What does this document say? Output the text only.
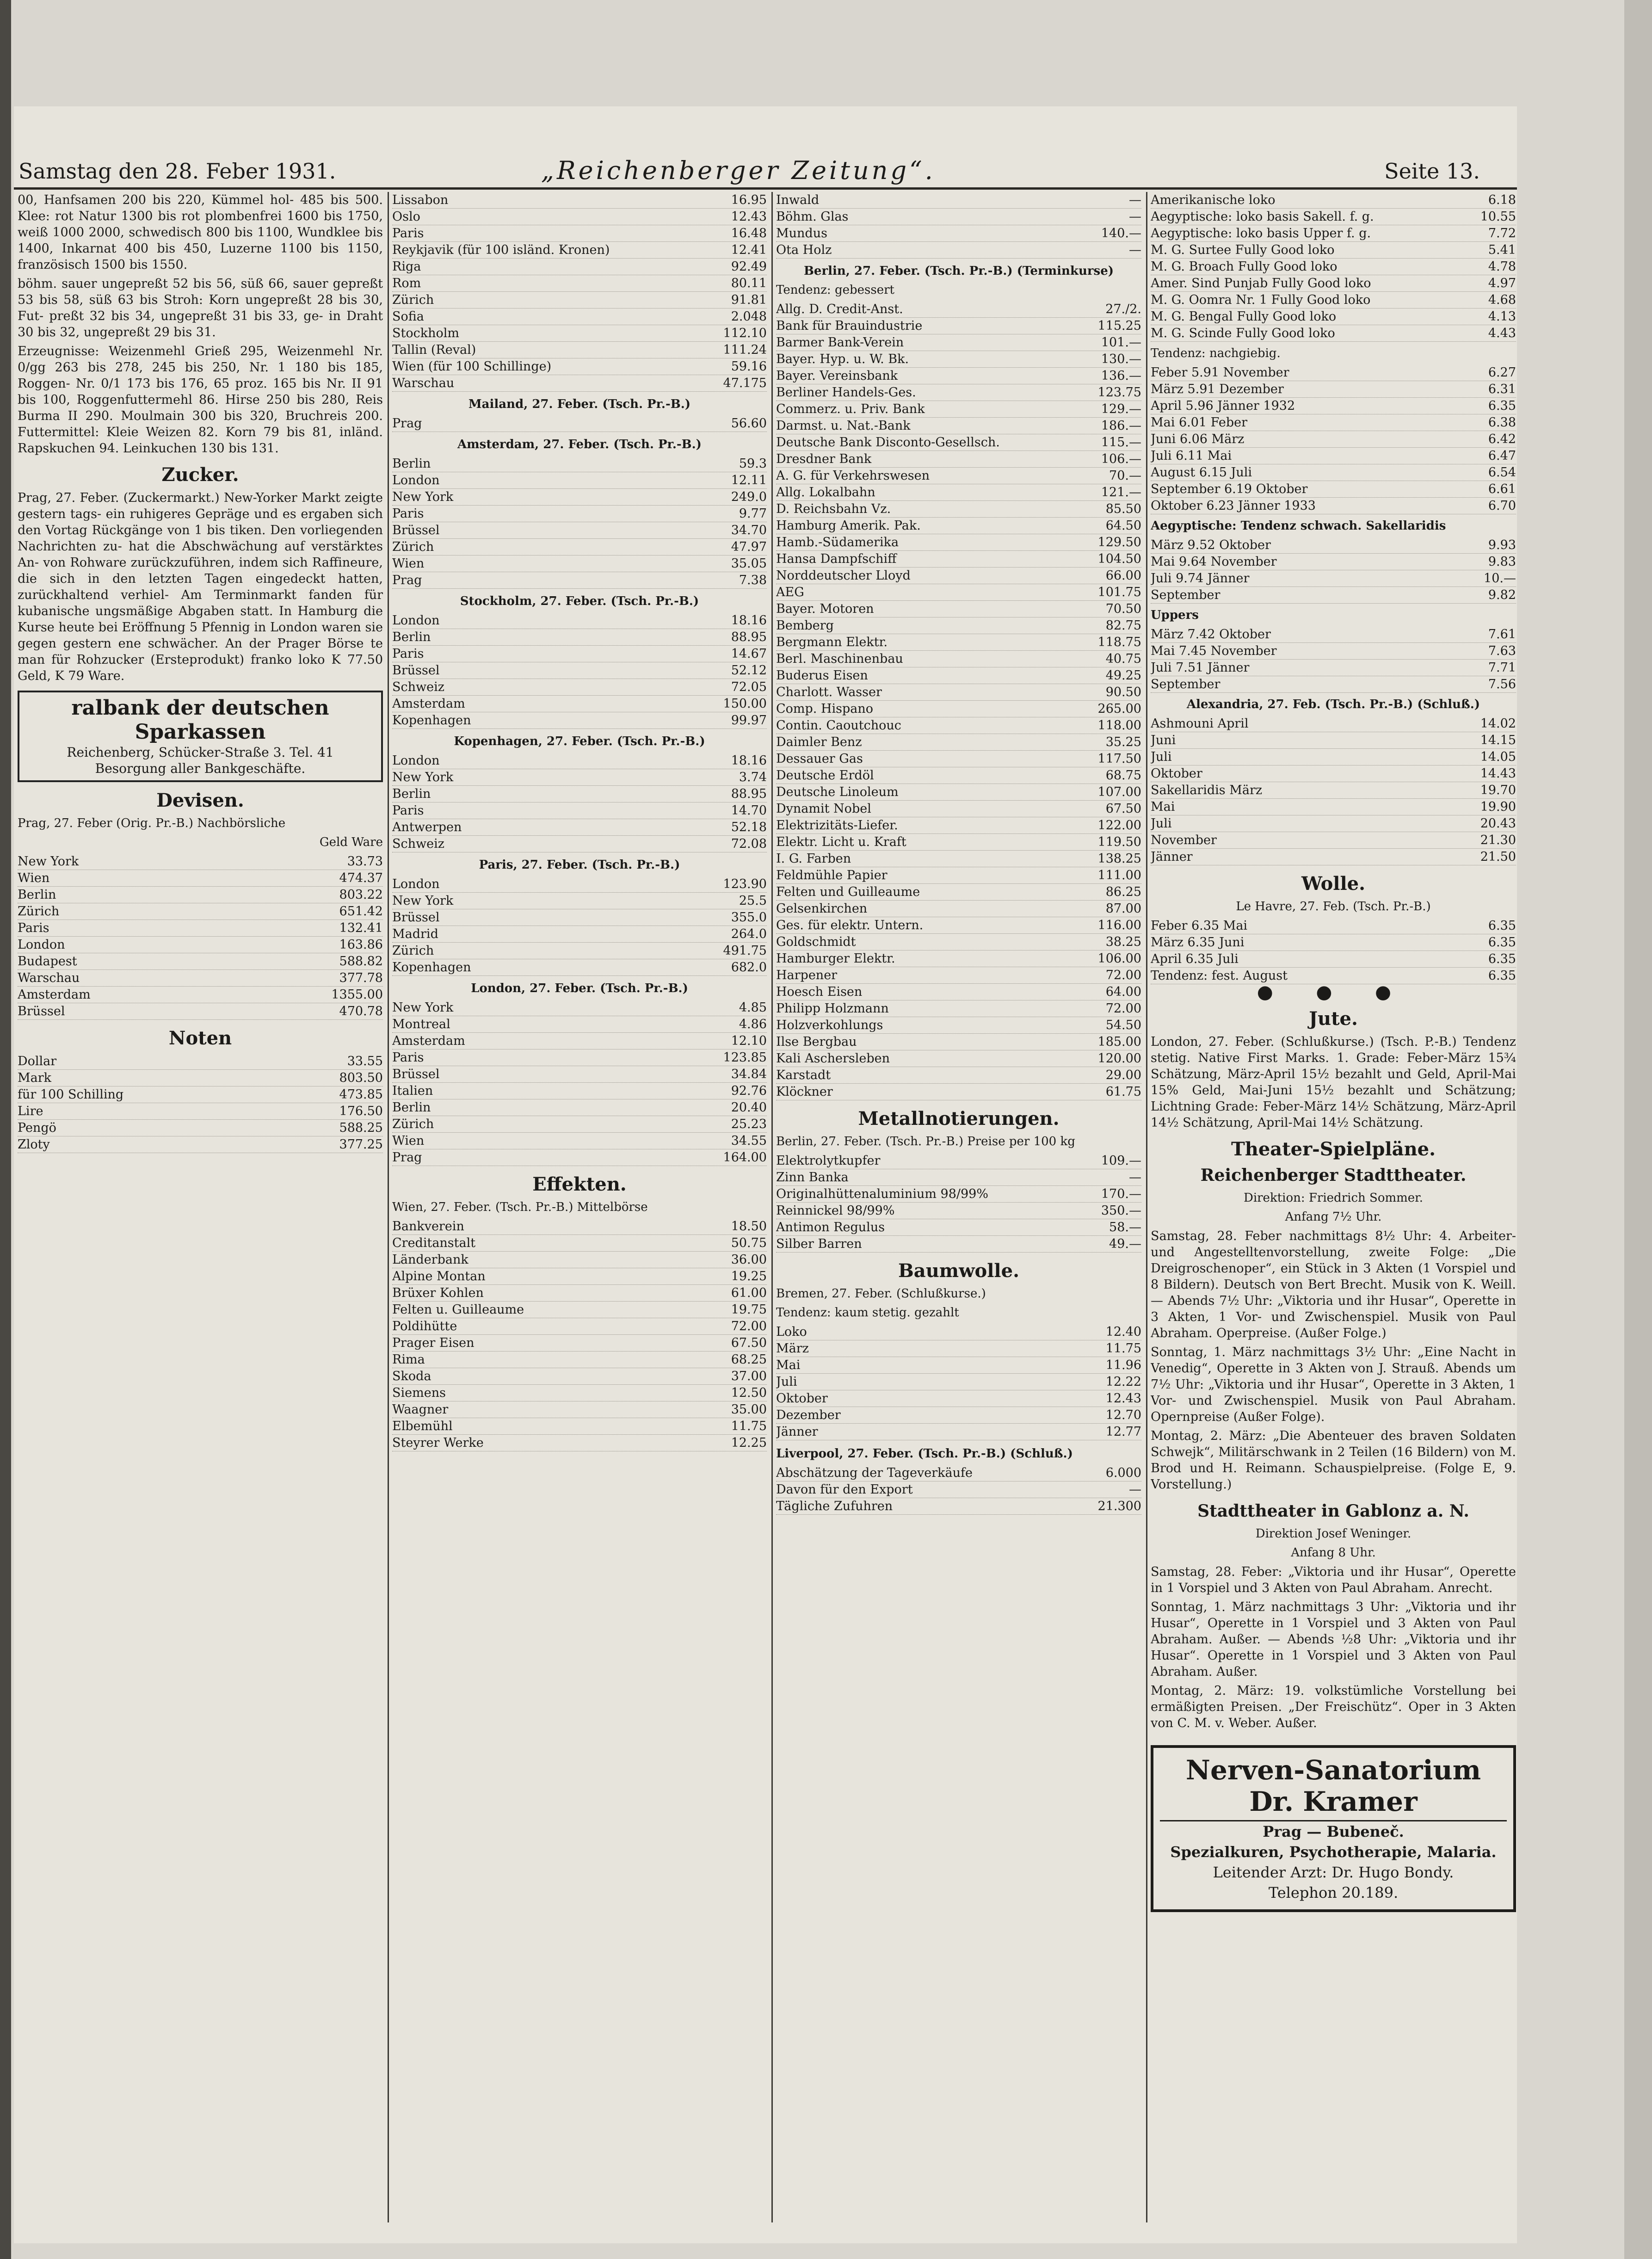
Samstag den 28. Feber 1931.	„Reichenberger Zeitung“.	Seite 13.

00, Hanfsamen 200 bis 220, Kümmel hol- 485 bis 500. Klee: rot Natur 1300 bis rot plombenfrei 1600 bis 1750, weiß 1000 2000, schwedisch 800 bis 1100, Wundklee bis 1400, Inkarnat 400 bis 450, Luzerne 1100 bis 1150, französisch 1500 bis 1550.

böhm. sauer ungepreßt 52 bis 56, süß 66, sauer gepreßt 53 bis 58, süß 63 bis Stroh: Korn ungepreßt 28 bis 30, Fut- preßt 32 bis 34, ungepreßt 31 bis 33, ge- in Draht 30 bis 32, ungepreßt 29 bis 31.

Erzeugnisse: Weizenmehl Grieß 295, Weizenmehl Nr. 0/gg 263 bis 278, 245 bis 250, Nr. 1 180 bis 185, Roggen- Nr. 0/1 173 bis 176, 65 proz. 165 bis Nr. II 91 bis 100, Roggenfuttermehl 86. Hirse 250 bis 280, Reis Burma II 290. Moulmain 300 bis 320, Bruchreis 200. Futtermittel: Kleie Weizen 82. Korn 79 bis 81, inländ. Rapskuchen 94. Leinkuchen 130 bis 131.

Zucker.

Prag, 27. Feber. (Zuckermarkt.) New-Yorker Markt zeigte gestern tags- ein ruhigeres Gepräge und es ergaben sich den Vortag Rückgänge von 1 bis tiken. Den vorliegenden Nachrichten zu- hat die Abschwächung auf verstärktes An- von Rohware zurückzuführen, indem sich Raffineure, die sich in den letzten Tagen eingedeckt hatten, zurückhaltend verhiel- Am Terminmarkt fanden für kubanische ungsmäßige Abgaben statt. In Hamburg die Kurse heute bei Eröffnung 5 Pfennig in London waren sie gegen gestern ene schwächer. An der Prager Börse te man für Rohzucker (Ersteprodukt) franko loko K 77.50 Geld, K 79 Ware.

ralbank der deutschen Sparkassen
Reichenberg, Schücker-Straße 3. Tel. 41
Besorgung aller Bankgeschäfte.
Devisen.
Prag, 27. Feber (Orig. Pr.-B.) Nachbörsliche
Geld Ware
New York	33.73
Wien	474.37
Berlin	803.22
Zürich	651.42
Paris	132.41
London	163.86
Budapest	588.82
Warschau	377.78
Amsterdam	1355.00
Brüssel	470.78
Noten
Dollar	33.55
Mark	803.50
für 100 Schilling	473.85
Lire	176.50
Pengö	588.25
Zloty	377.25
Lissabon	16.95
Oslo	12.43
Paris	16.48
Reykjavik (für 100 isländ. Kronen)	12.41
Riga	92.49
Rom	80.11
Zürich	91.81
Sofia	2.048
Stockholm	112.10
Tallin (Reval)	111.24
Wien (für 100 Schillinge)	59.16
Warschau	47.175
Mailand, 27. Feber. (Tsch. Pr.-B.)
Prag	56.60
Amsterdam, 27. Feber. (Tsch. Pr.-B.)
Berlin	59.3
London	12.11
New York	249.0
Paris	9.77
Brüssel	34.70
Zürich	47.97
Wien	35.05
Prag	7.38
Stockholm, 27. Feber. (Tsch. Pr.-B.)
London	18.16
Berlin	88.95
Paris	14.67
Brüssel	52.12
Schweiz	72.05
Amsterdam	150.00
Kopenhagen	99.97
Kopenhagen, 27. Feber. (Tsch. Pr.-B.)
London	18.16
New York	3.74
Berlin	88.95
Paris	14.70
Antwerpen	52.18
Schweiz	72.08
Paris, 27. Feber. (Tsch. Pr.-B.)
London	123.90
New York	25.5
Brüssel	355.0
Madrid	264.0
Zürich	491.75
Kopenhagen	682.0
London, 27. Feber. (Tsch. Pr.-B.)
New York	4.85
Montreal	4.86
Amsterdam	12.10
Paris	123.85
Brüssel	34.84
Italien	92.76
Berlin	20.40
Zürich	25.23
Wien	34.55
Prag	164.00
Effekten.
Wien, 27. Feber. (Tsch. Pr.-B.) Mittelbörse
Bankverein	18.50
Creditanstalt	50.75
Länderbank	36.00
Alpine Montan	19.25
Brüxer Kohlen	61.00
Felten u. Guilleaume	19.75
Poldihütte	72.00
Prager Eisen	67.50
Rima	68.25
Skoda	37.00
Siemens	12.50
Waagner	35.00
Elbemühl	11.75
Steyrer Werke	12.25
Inwald	—
Böhm. Glas	—
Mundus	140.—
Ota Holz	—
Berlin, 27. Feber. (Tsch. Pr.-B.) (Terminkurse)
Tendenz: gebessert
Allg. D. Credit-Anst.	27./2.
Bank für Brauindustrie	115.25
Barmer Bank-Verein	101.—
Bayer. Hyp. u. W. Bk.	130.—
Bayer. Vereinsbank	136.—
Berliner Handels-Ges.	123.75
Commerz. u. Priv. Bank	129.—
Darmst. u. Nat.-Bank	186.—
Deutsche Bank Disconto-Gesellsch.	115.—
Dresdner Bank	106.—
A. G. für Verkehrswesen	70.—
Allg. Lokalbahn	121.—
D. Reichsbahn Vz.	85.50
Hamburg Amerik. Pak.	64.50
Hamb.-Südamerika	129.50
Hansa Dampfschiff	104.50
Norddeutscher Lloyd	66.00
AEG	101.75
Bayer. Motoren	70.50
Bemberg	82.75
Bergmann Elektr.	118.75
Berl. Maschinenbau	40.75
Buderus Eisen	49.25
Charlott. Wasser	90.50
Comp. Hispano	265.00
Contin. Caoutchouc	118.00
Daimler Benz	35.25
Dessauer Gas	117.50
Deutsche Erdöl	68.75
Deutsche Linoleum	107.00
Dynamit Nobel	67.50
Elektrizitäts-Liefer.	122.00
Elektr. Licht u. Kraft	119.50
I. G. Farben	138.25
Feldmühle Papier	111.00
Felten und Guilleaume	86.25
Gelsenkirchen	87.00
Ges. für elektr. Untern.	116.00
Goldschmidt	38.25
Hamburger Elektr.	106.00
Harpener	72.00
Hoesch Eisen	64.00
Philipp Holzmann	72.00
Holzverkohlungs	54.50
Ilse Bergbau	185.00
Kali Aschersleben	120.00
Karstadt	29.00
Klöckner	61.75
Metallnotierungen.
Berlin, 27. Feber. (Tsch. Pr.-B.) Preise per 100 kg
Elektrolytkupfer	109.—
Zinn Banka	—
Originalhüttenaluminium 98/99%	170.—
Reinnickel 98/99%	350.—
Antimon Regulus	58.—
Silber Barren	49.—
Baumwolle.
Bremen, 27. Feber. (Schlußkurse.)
Tendenz: kaum stetig. gezahlt
Loko	12.40
März	11.75
Mai	11.96
Juli	12.22
Oktober	12.43
Dezember	12.70
Jänner	12.77
Liverpool, 27. Feber. (Tsch. Pr.-B.) (Schluß.)
Abschätzung der Tageverkäufe	6.000
Davon für den Export	—
Tägliche Zufuhren	21.300
Amerikanische loko	6.18
Aegyptische: loko basis Sakell. f. g.	10.55
Aegyptische: loko basis Upper f. g.	7.72
M. G. Surtee Fully Good loko	5.41
M. G. Broach Fully Good loko	4.78
Amer. Sind Punjab Fully Good loko	4.97
M. G. Oomra Nr. 1 Fully Good loko	4.68
M. G. Bengal Fully Good loko	4.13
M. G. Scinde Fully Good loko	4.43
Tendenz: nachgiebig.
Feber 5.91 November	6.27
März 5.91 Dezember	6.31
April 5.96 Jänner 1932	6.35
Mai 6.01 Feber	6.38
Juni 6.06 März	6.42
Juli 6.11 Mai	6.47
August 6.15 Juli	6.54
September 6.19 Oktober	6.61
Oktober 6.23 Jänner 1933	6.70
Aegyptische: Tendenz schwach. Sakellaridis
März 9.52 Oktober	9.93
Mai 9.64 November	9.83
Juli 9.74 Jänner	10.—
September	9.82
Uppers
März 7.42 Oktober	7.61
Mai 7.45 November	7.63
Juli 7.51 Jänner	7.71
September	7.56
Alexandria, 27. Feb. (Tsch. Pr.-B.) (Schluß.)
Ashmouni April	14.02
Juni	14.15
Juli	14.05
Oktober	14.43
Sakellaridis März	19.70
Mai	19.90
Juli	20.43
November	21.30
Jänner	21.50
Wolle.
Le Havre, 27. Feb. (Tsch. Pr.-B.)
Feber 6.35 Mai	6.35
März 6.35 Juni	6.35
April 6.35 Juli	6.35
Tendenz: fest. August	6.35
● ● ●
Jute.

London, 27. Feber. (Schlußkurse.) (Tsch. P.-B.) Tendenz stetig. Native First Marks. 1. Grade: Feber-März 15¾ Schätzung, März-April 15½ bezahlt und Geld, April-Mai 15% Geld, Mai-Juni 15½ bezahlt und Schätzung; Lichtning Grade: Feber-März 14½ Schätzung, März-April 14½ Schätzung, April-Mai 14½ Schätzung.

Theater-Spielpläne.
Reichenberger Stadttheater.
Direktion: Friedrich Sommer.
Anfang 7½ Uhr.

Samstag, 28. Feber nachmittags 8½ Uhr: 4. Arbeiter- und Angestelltenvorstellung, zweite Folge: „Die Dreigroschenoper“, ein Stück in 3 Akten (1 Vorspiel und 8 Bildern). Deutsch von Bert Brecht. Musik von K. Weill. — Abends 7½ Uhr: „Viktoria und ihr Husar“, Operette in 3 Akten, 1 Vor- und Zwischenspiel. Musik von Paul Abraham. Operpreise. (Außer Folge.)

Sonntag, 1. März nachmittags 3½ Uhr: „Eine Nacht in Venedig“, Operette in 3 Akten von J. Strauß. Abends um 7½ Uhr: „Viktoria und ihr Husar“, Operette in 3 Akten, 1 Vor- und Zwischenspiel. Musik von Paul Abraham. Opernpreise (Außer Folge).

Montag, 2. März: „Die Abenteuer des braven Soldaten Schwejk“, Militärschwank in 2 Teilen (16 Bildern) von M. Brod und H. Reimann. Schauspielpreise. (Folge E, 9. Vorstellung.)

Stadttheater in Gablonz a. N.
Direktion Josef Weninger.
Anfang 8 Uhr.

Samstag, 28. Feber: „Viktoria und ihr Husar“, Operette in 1 Vorspiel und 3 Akten von Paul Abraham. Anrecht.

Sonntag, 1. März nachmittags 3 Uhr: „Viktoria und ihr Husar“, Operette in 1 Vorspiel und 3 Akten von Paul Abraham. Außer. — Abends ½8 Uhr: „Viktoria und ihr Husar“. Operette in 1 Vorspiel und 3 Akten von Paul Abraham. Außer.

Montag, 2. März: 19. volkstümliche Vorstellung bei ermäßigten Preisen. „Der Freischütz“. Oper in 3 Akten von C. M. v. Weber. Außer.

Nerven-Sanatorium Dr. Kramer
Prag — Bubeneč.
Spezialkuren, Psychotherapie, Malaria.
Leitender Arzt: Dr. Hugo Bondy.
Telephon 20.189.
